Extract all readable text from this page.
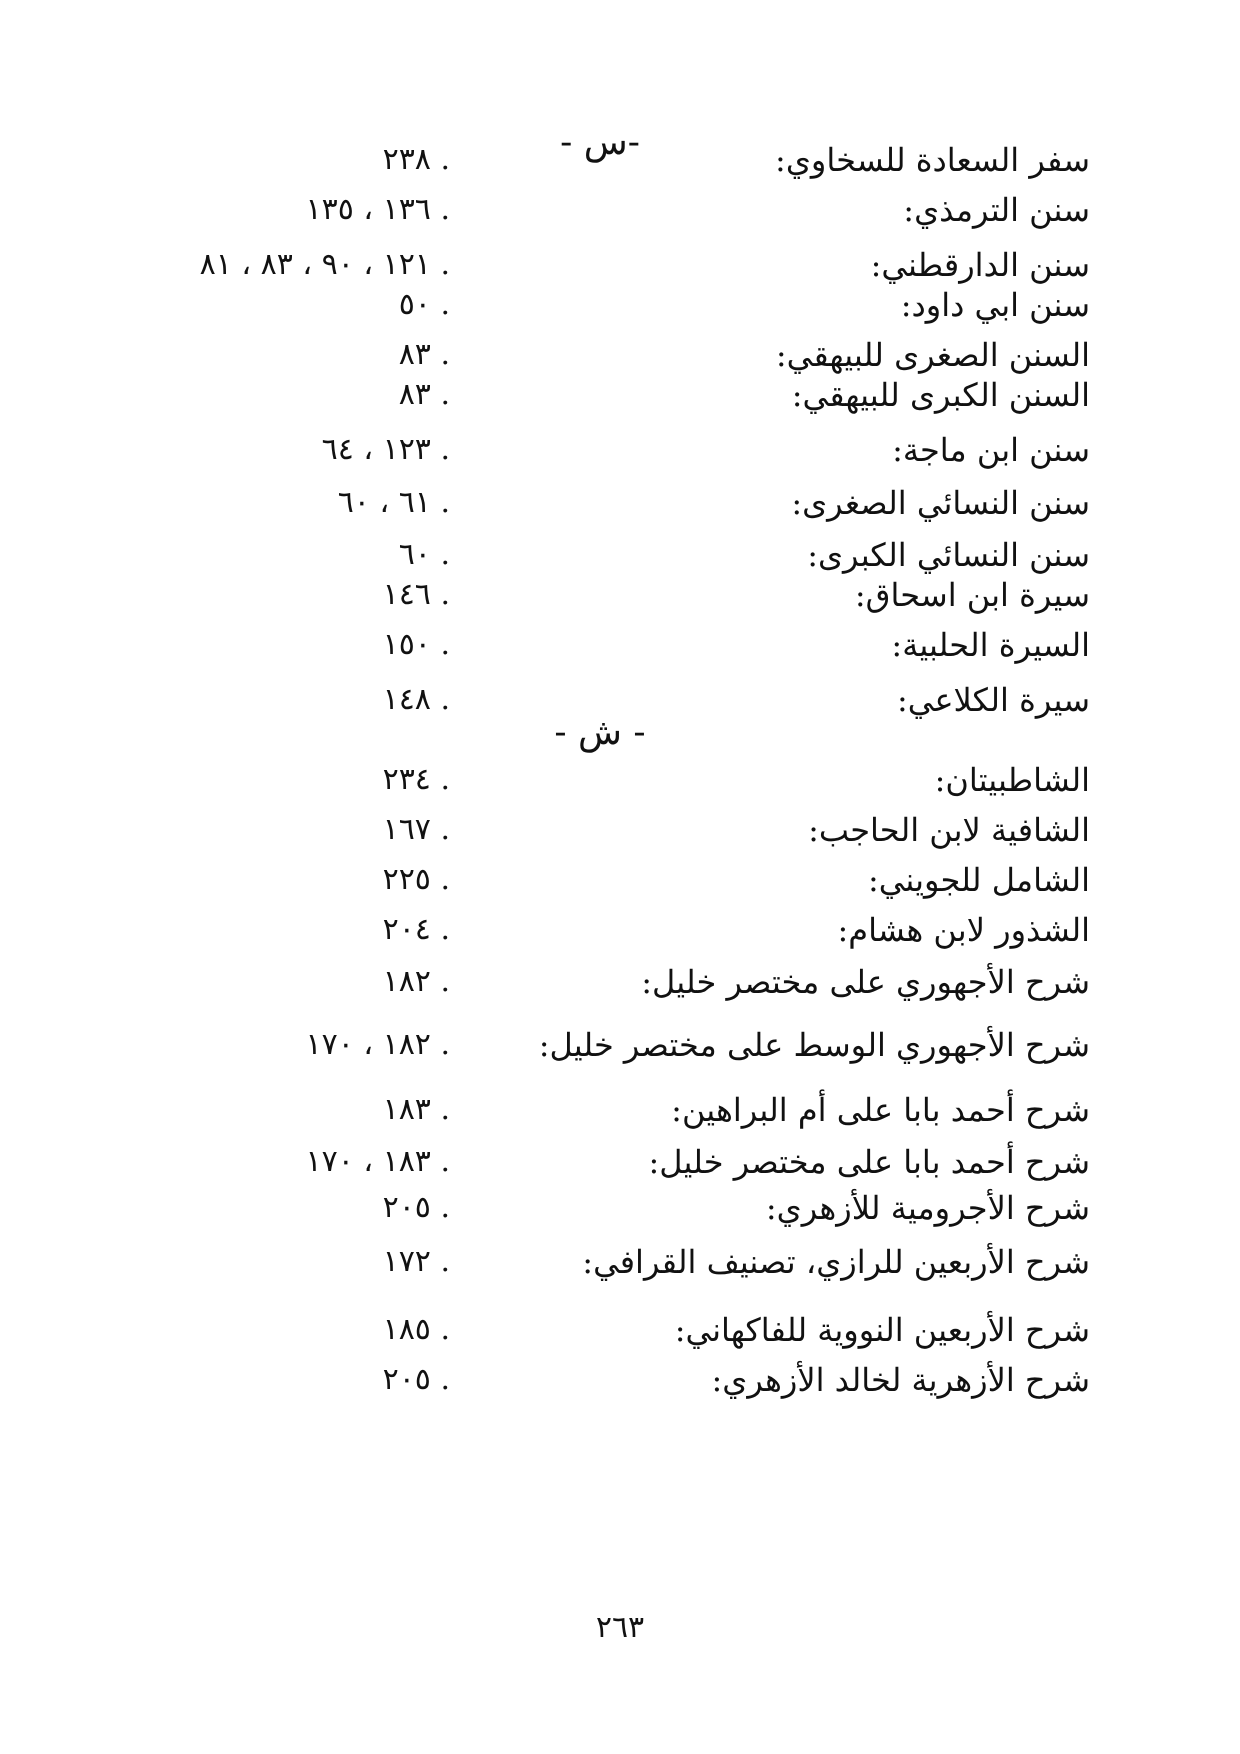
-س -	سفر السعادة للسخاوي:
. ٢٣٨
سنن الترمذي:
. ١٣٦ ، ١٣٥
سنن الدارقطني:
. ١٢١ ، ٩٠ ، ٨٣ ، ٨١
سنن ابي داود:
. ٥٠
السنن الصغرى للبيهقي:
. ٨٣
السنن الكبرى للبيهقي:
. ٨٣
سنن ابن ماجة:
. ١٢٣ ، ٦٤
سنن النسائي الصغرى:
. ٦١ ، ٦٠
سنن النسائي الكبرى:
. ٦٠
سيرة ابن اسحاق:
. ١٤٦
السيرة الحلبية:
. ١٥٠
سيرة الكلاعي:
. ١٤٨
- ش -
الشاطبيتان:
. ٢٣٤
الشافية لابن الحاجب:
. ١٦٧
الشامل للجويني:
. ٢٢٥
الشذور لابن هشام:
. ٢٠٤
شرح الأجهوري على مختصر خليل:
. ١٨٢
شرح الأجهوري الوسط على مختصر خليل:
. ١٨٢ ، ١٧٠
شرح أحمد بابا على أم البراهين:
. ١٨٣
شرح أحمد بابا على مختصر خليل:
. ١٨٣ ، ١٧٠
شرح الأجرومية للأزهري:
. ٢٠٥
شرح الأربعين للرازي، تصنيف القرافي:
. ١٧٢
شرح الأربعين النووية للفاكهاني:
. ١٨٥
شرح الأزهرية لخالد الأزهري:
. ٢٠٥
٢٦٣
